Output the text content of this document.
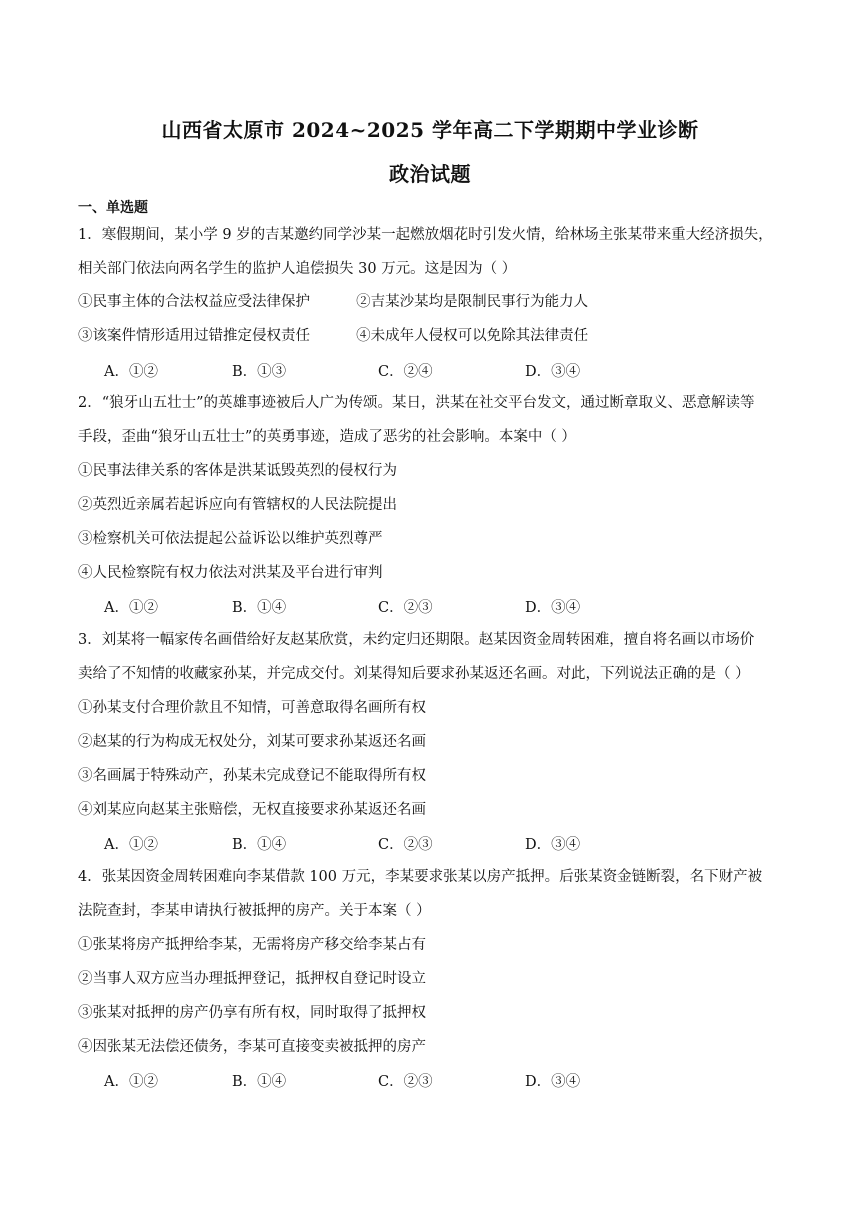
山西省太原市 2024~2025 学年高二下学期期中学业诊断
政治试题
一、单选题
1．寒假期间，某小学 9 岁的吉某邀约同学沙某一起燃放烟花时引发火情，给林场主张某带来重大经济损失，
相关部门依法向两名学生的监护人追偿损失 30 万元。这是因为（ ）
①民事主体的合法权益应受法律保护          ②吉某沙某均是限制民事行为能力人
③该案件情形适用过错推定侵权责任          ④未成年人侵权可以免除其法律责任
A．①②	B．①③	C．②④	D．③④
2．“狼牙山五壮士”的英雄事迹被后人广为传颂。某日，洪某在社交平台发文，通过断章取义、恶意解读等
手段，歪曲“狼牙山五壮士”的英勇事迹，造成了恶劣的社会影响。本案中（ ）
①民事法律关系的客体是洪某诋毁英烈的侵权行为
②英烈近亲属若起诉应向有管辖权的人民法院提出
③检察机关可依法提起公益诉讼以维护英烈尊严
④人民检察院有权力依法对洪某及平台进行审判
A．①②	B．①④	C．②③	D．③④
3．刘某将一幅家传名画借给好友赵某欣赏，未约定归还期限。赵某因资金周转困难，擅自将名画以市场价
卖给了不知情的收藏家孙某，并完成交付。刘某得知后要求孙某返还名画。对此，下列说法正确的是（ ）
①孙某支付合理价款且不知情，可善意取得名画所有权
②赵某的行为构成无权处分，刘某可要求孙某返还名画
③名画属于特殊动产，孙某未完成登记不能取得所有权
④刘某应向赵某主张赔偿，无权直接要求孙某返还名画
A．①②	B．①④	C．②③	D．③④
4．张某因资金周转困难向李某借款 100 万元，李某要求张某以房产抵押。后张某资金链断裂，名下财产被
法院查封，李某申请执行被抵押的房产。关于本案（ ）
①张某将房产抵押给李某，无需将房产移交给李某占有
②当事人双方应当办理抵押登记，抵押权自登记时设立
③张某对抵押的房产仍享有所有权，同时取得了抵押权
④因张某无法偿还债务，李某可直接变卖被抵押的房产
A．①②	B．①④	C．②③	D．③④
